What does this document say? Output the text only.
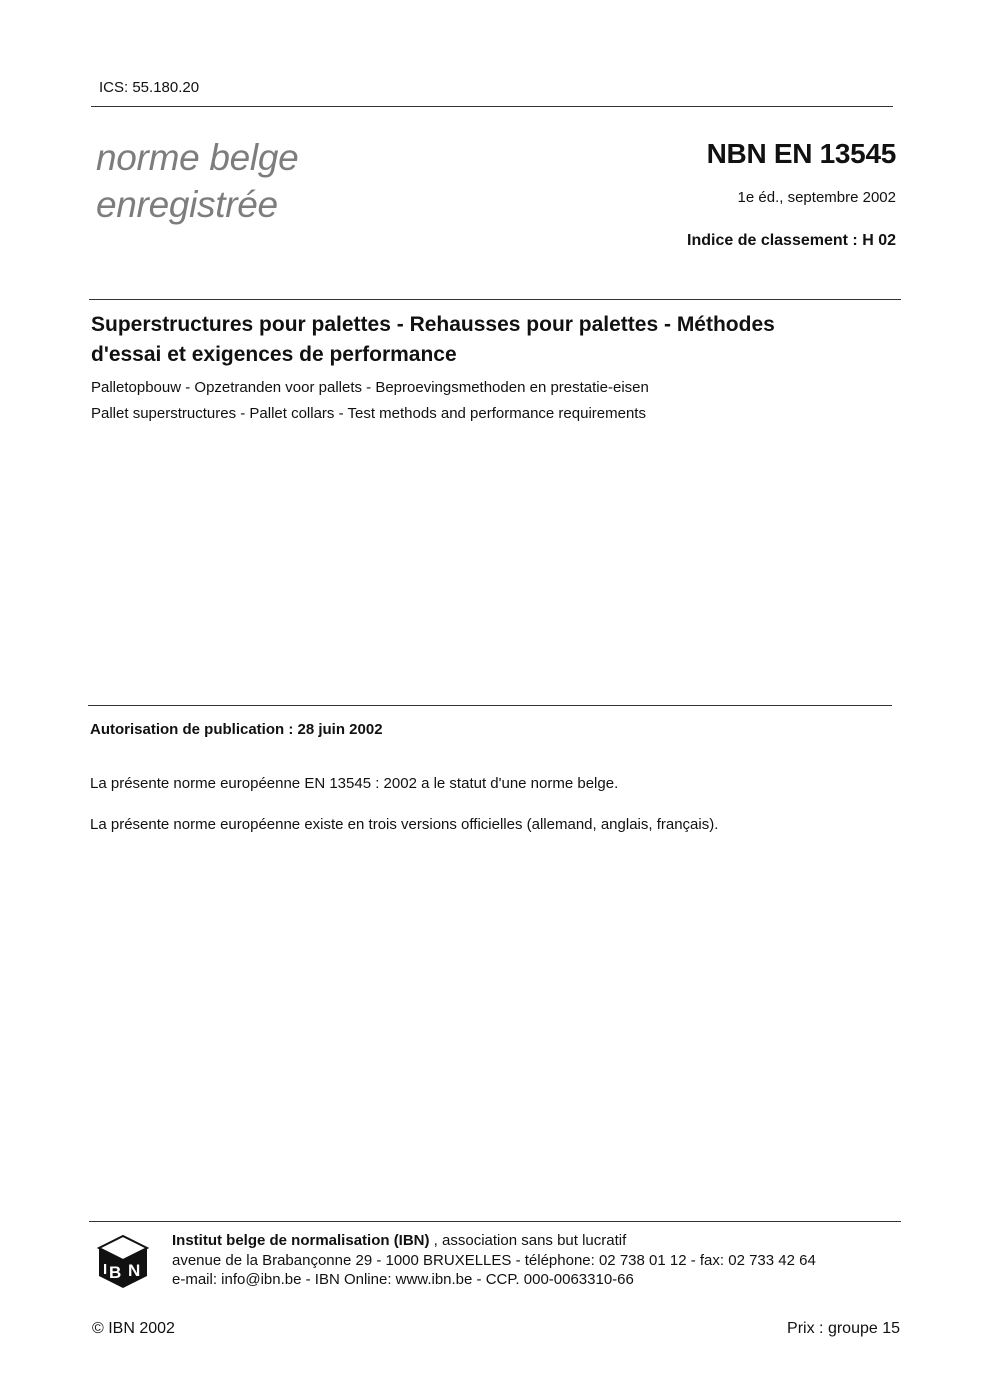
ICS: 55.180.20
norme belge
enregistrée
NBN EN 13545
1e éd., septembre 2002
Indice de classement : H 02
Superstructures pour palettes - Rehausses pour palettes - Méthodes
d'essai et exigences de performance
Palletopbouw - Opzetranden voor pallets - Beproevingsmethoden en prestatie-eisen
Pallet superstructures - Pallet collars - Test methods and performance requirements
Autorisation de publication : 28 juin 2002
La présente norme européenne EN 13545 : 2002 a le statut d'une norme belge.
La présente norme européenne existe en trois versions officielles (allemand, anglais, français).
I B N
Institut belge de normalisation (IBN) , association sans but lucratif
avenue de la Brabançonne 29 - 1000 BRUXELLES - téléphone: 02 738 01 12 - fax: 02 733 42 64
e-mail: info@ibn.be - IBN Online: www.ibn.be - CCP. 000-0063310-66
© IBN 2002	Prix : groupe 15
